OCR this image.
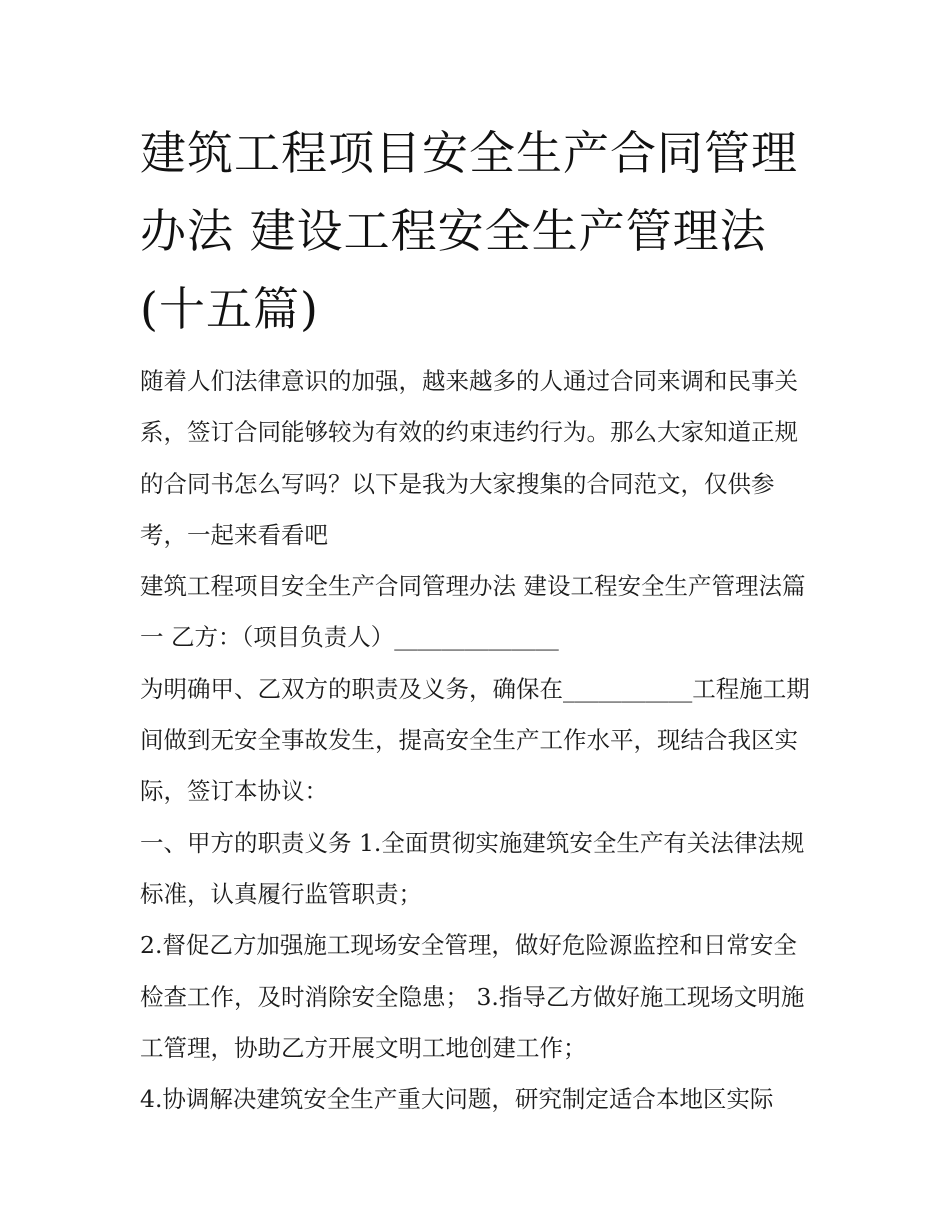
建筑工程项目安全生产合同管理办法 建设工程安全生产管理法(十五篇)

随着人们法律意识的加强，越来越多的人通过合同来调和民事关系，签订合同能够较为有效的约束违约行为。那么大家知道正规的合同书怎么写吗？以下是我为大家搜集的合同范文，仅供参考，一起来看看吧

建筑工程项目安全生产合同管理办法 建设工程安全生产管理法篇一 乙方：（项目负责人）______________

为明确甲、乙双方的职责及义务，确保在___________工程施工期间做到无安全事故发生，提高安全生产工作水平，现结合我区实际，签订本协议：

一、甲方的职责义务 1.全面贯彻实施建筑安全生产有关法律法规标准，认真履行监管职责；

2.督促乙方加强施工现场安全管理，做好危险源监控和日常安全检查工作，及时消除安全隐患； 3.指导乙方做好施工现场文明施工管理，协助乙方开展文明工地创建工作；

4.协调解决建筑安全生产重大问题，研究制定适合本地区实际
